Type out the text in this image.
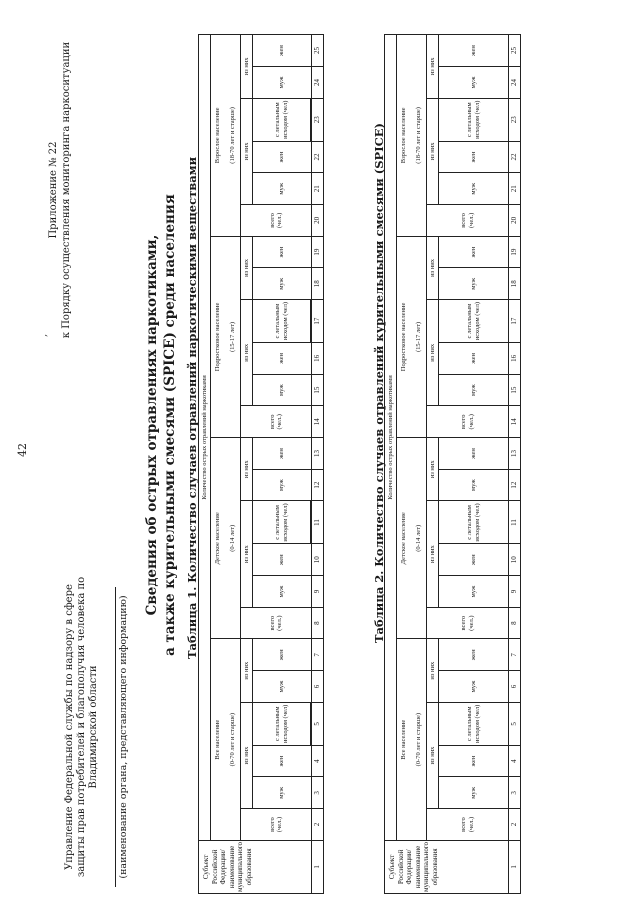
42
,
Приложение № 22 к Порядку осуществления мониторинга наркоситуации
Управление Федеральной службы по надзору в сфере защиты прав потребителей и благополучия человека по Владимирской области (наименование органа, представляющего информацию)
Сведения об острых отравлениях наркотиками, а также курительными смесями (SPICE) среди населения Таблица 1. Количество случаев отравлений наркотическими веществами
Субъект Российской Федерации/ наименование муниципального образования	Количество острых отравлений наркотиками																							
	Все население (0-70 лет и старше)						Детское население (0-14 лет)						Подростковое население (15-17 лет)						Взрослое население (18-70 лет и старше)					
	всего (чел.)	из них			из них		всего (чел.)	из них			из них		всего (чел.)	из них			из них		всего (чел.)	из них			из них	
		муж	жен	с летальным исходом (чел)	муж	жен		муж	жен	с летальным исходом (чел)	муж	жен		муж	жен	с летальным исходом (чел)	муж	жен		муж	жен	с летальным исходом (чел)	муж	жен

1	2	3	4	5	6	7	8	9	10	11	12	13	14	15	16	17	18	19	20	21	22	23	24	25
Таблица 2. Количество случаев отравлений курительными смесями (SPICE)
Субъект Российской Федерации/ наименование муниципального образования	Количество острых отравлений наркотиками																							
	Все население (0-70 лет и старше)						Детское население (0-14 лет)						Подростковое население (15-17 лет)						Взрослое население (18-70 лет и старше)					
	всего (чел.)	из них			из них		всего (чел.)	из них			из них		всего (чел.)	из них			из них		всего (чел.)	из них			из них	
		муж	жен	с летальным исходом (чел)	муж	жен		муж	жен	с летальным исходом (чел)	муж	жен		муж	жен	с летальным исходом (чел)	муж	жен		муж	жен	с летальным исходом (чел)	муж	жен
1	2	3	4	5	6	7	8	9	10	11	12	13	14	15	16	17	18	19	20	21	22	23	24	25
